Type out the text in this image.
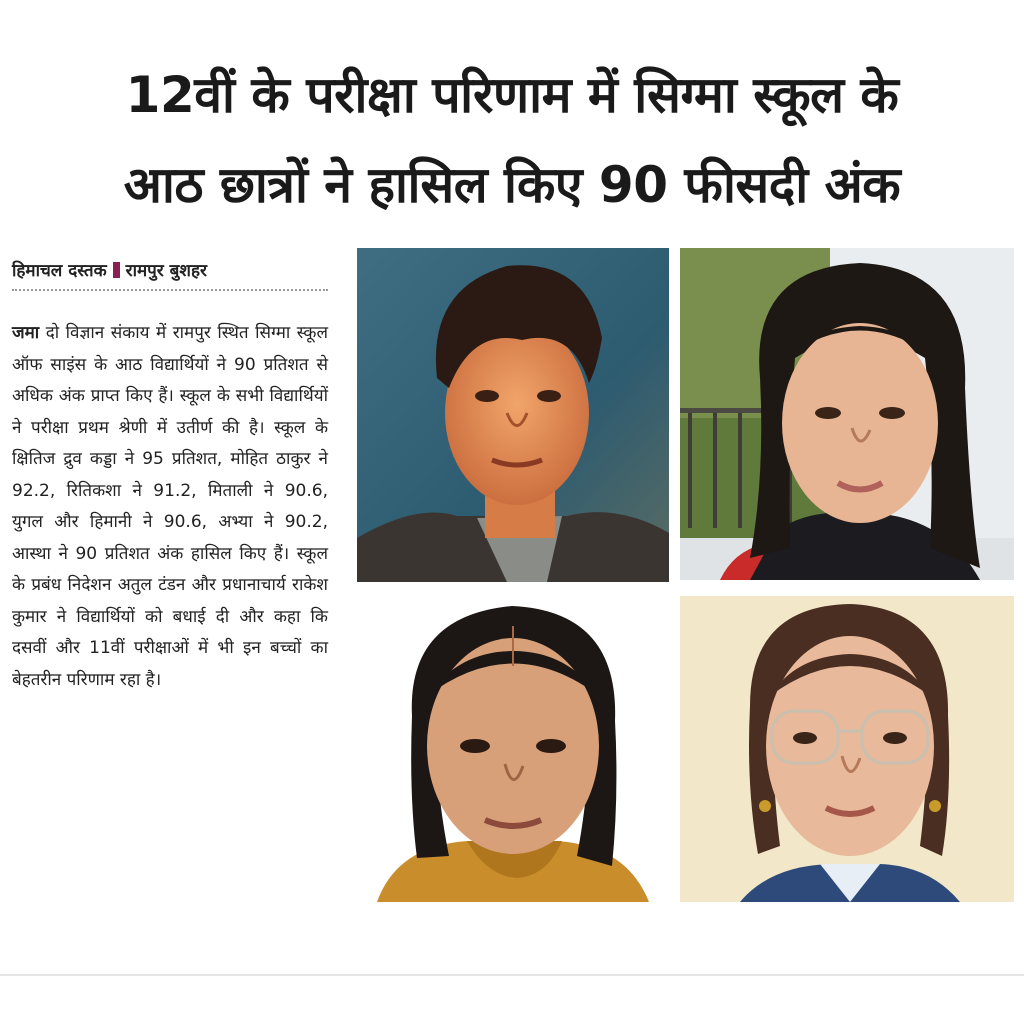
12वीं के परीक्षा परिणाम में सिग्मा स्कूल के
आठ छात्रों ने हासिल किए 90 फीसदी अंक
हिमाचल दस्तक रामपुर बुशहर

जमा दो विज्ञान संकाय में रामपुर स्थित सिग्मा स्कूल ऑफ साइंस के आठ विद्यार्थियों ने 90 प्रतिशत से अधिक अंक प्राप्त किए हैं। स्कूल के सभी विद्यार्थियों ने परीक्षा प्रथम श्रेणी में उतीर्ण की है। स्कूल के क्षितिज द्रुव कड्डा ने 95 प्रतिशत, मोहित ठाकुर ने 92.2, रितिकशा ने 91.2, मिताली ने 90.6, युगल और हिमानी ने 90.6, अभ्या ने 90.2, आस्था ने 90 प्रतिशत अंक हासिल किए हैं। स्कूल के प्रबंध निदेशन अतुल टंडन और प्रधानाचार्य राकेश कुमार ने विद्यार्थियों को बधाई दी और कहा कि दसवीं और 11वीं परीक्षाओं में भी इन बच्चों का बेहतरीन परिणाम रहा है।
